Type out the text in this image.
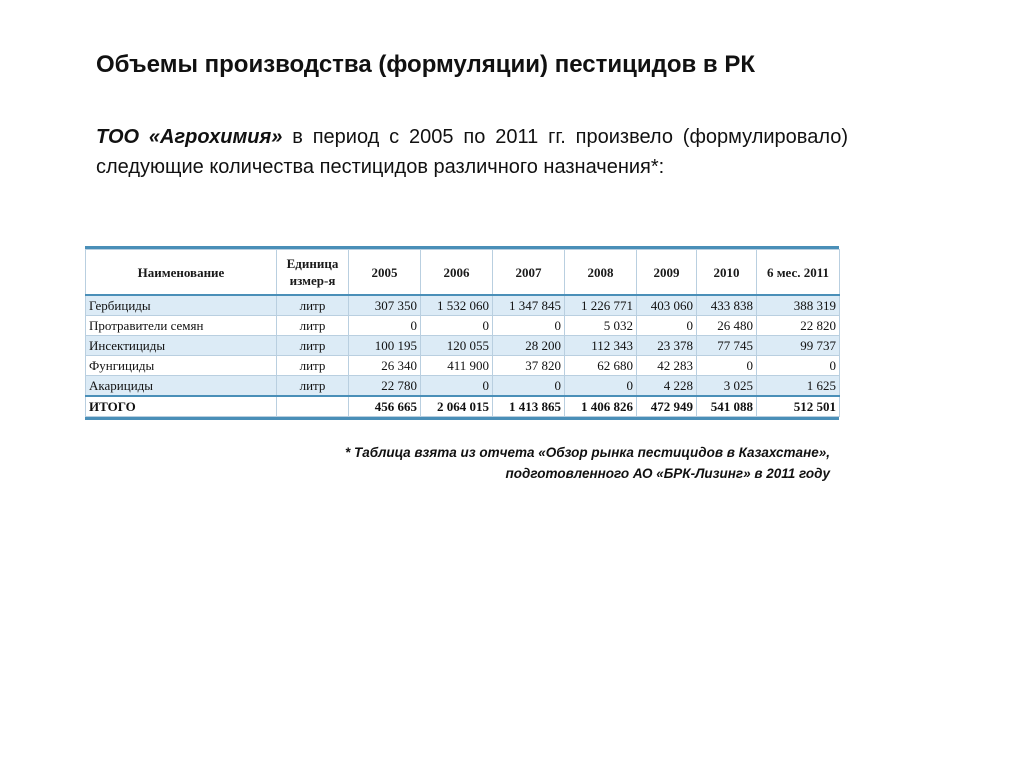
Объемы производства (формуляции) пестицидов в РК

ТОО «Агрохимия» в период с 2005 по 2011 гг. произвело (формулировало) следующие количества пестицидов различного назначения*:

Наименование	Единица измер-я	2005	2006	2007	2008	2009	2010	6 мес. 2011
Гербициды	литр	307 350	1 532 060	1 347 845	1 226 771	403 060	433 838	388 319
Протравители семян	литр	0	0	0	5 032	0	26 480	22 820
Инсектициды	литр	100 195	120 055	28 200	112 343	23 378	77 745	99 737
Фунгициды	литр	26 340	411 900	37 820	62 680	42 283	0	0
Акарициды	литр	22 780	0	0	0	4 228	3 025	1 625
ИТОГО		456 665	2 064 015	1 413 865	1 406 826	472 949	541 088	512 501

* Таблица взята из отчета «Обзор рынка пестицидов в Казахстане»,
подготовленного АО «БРК-Лизинг» в 2011 году
